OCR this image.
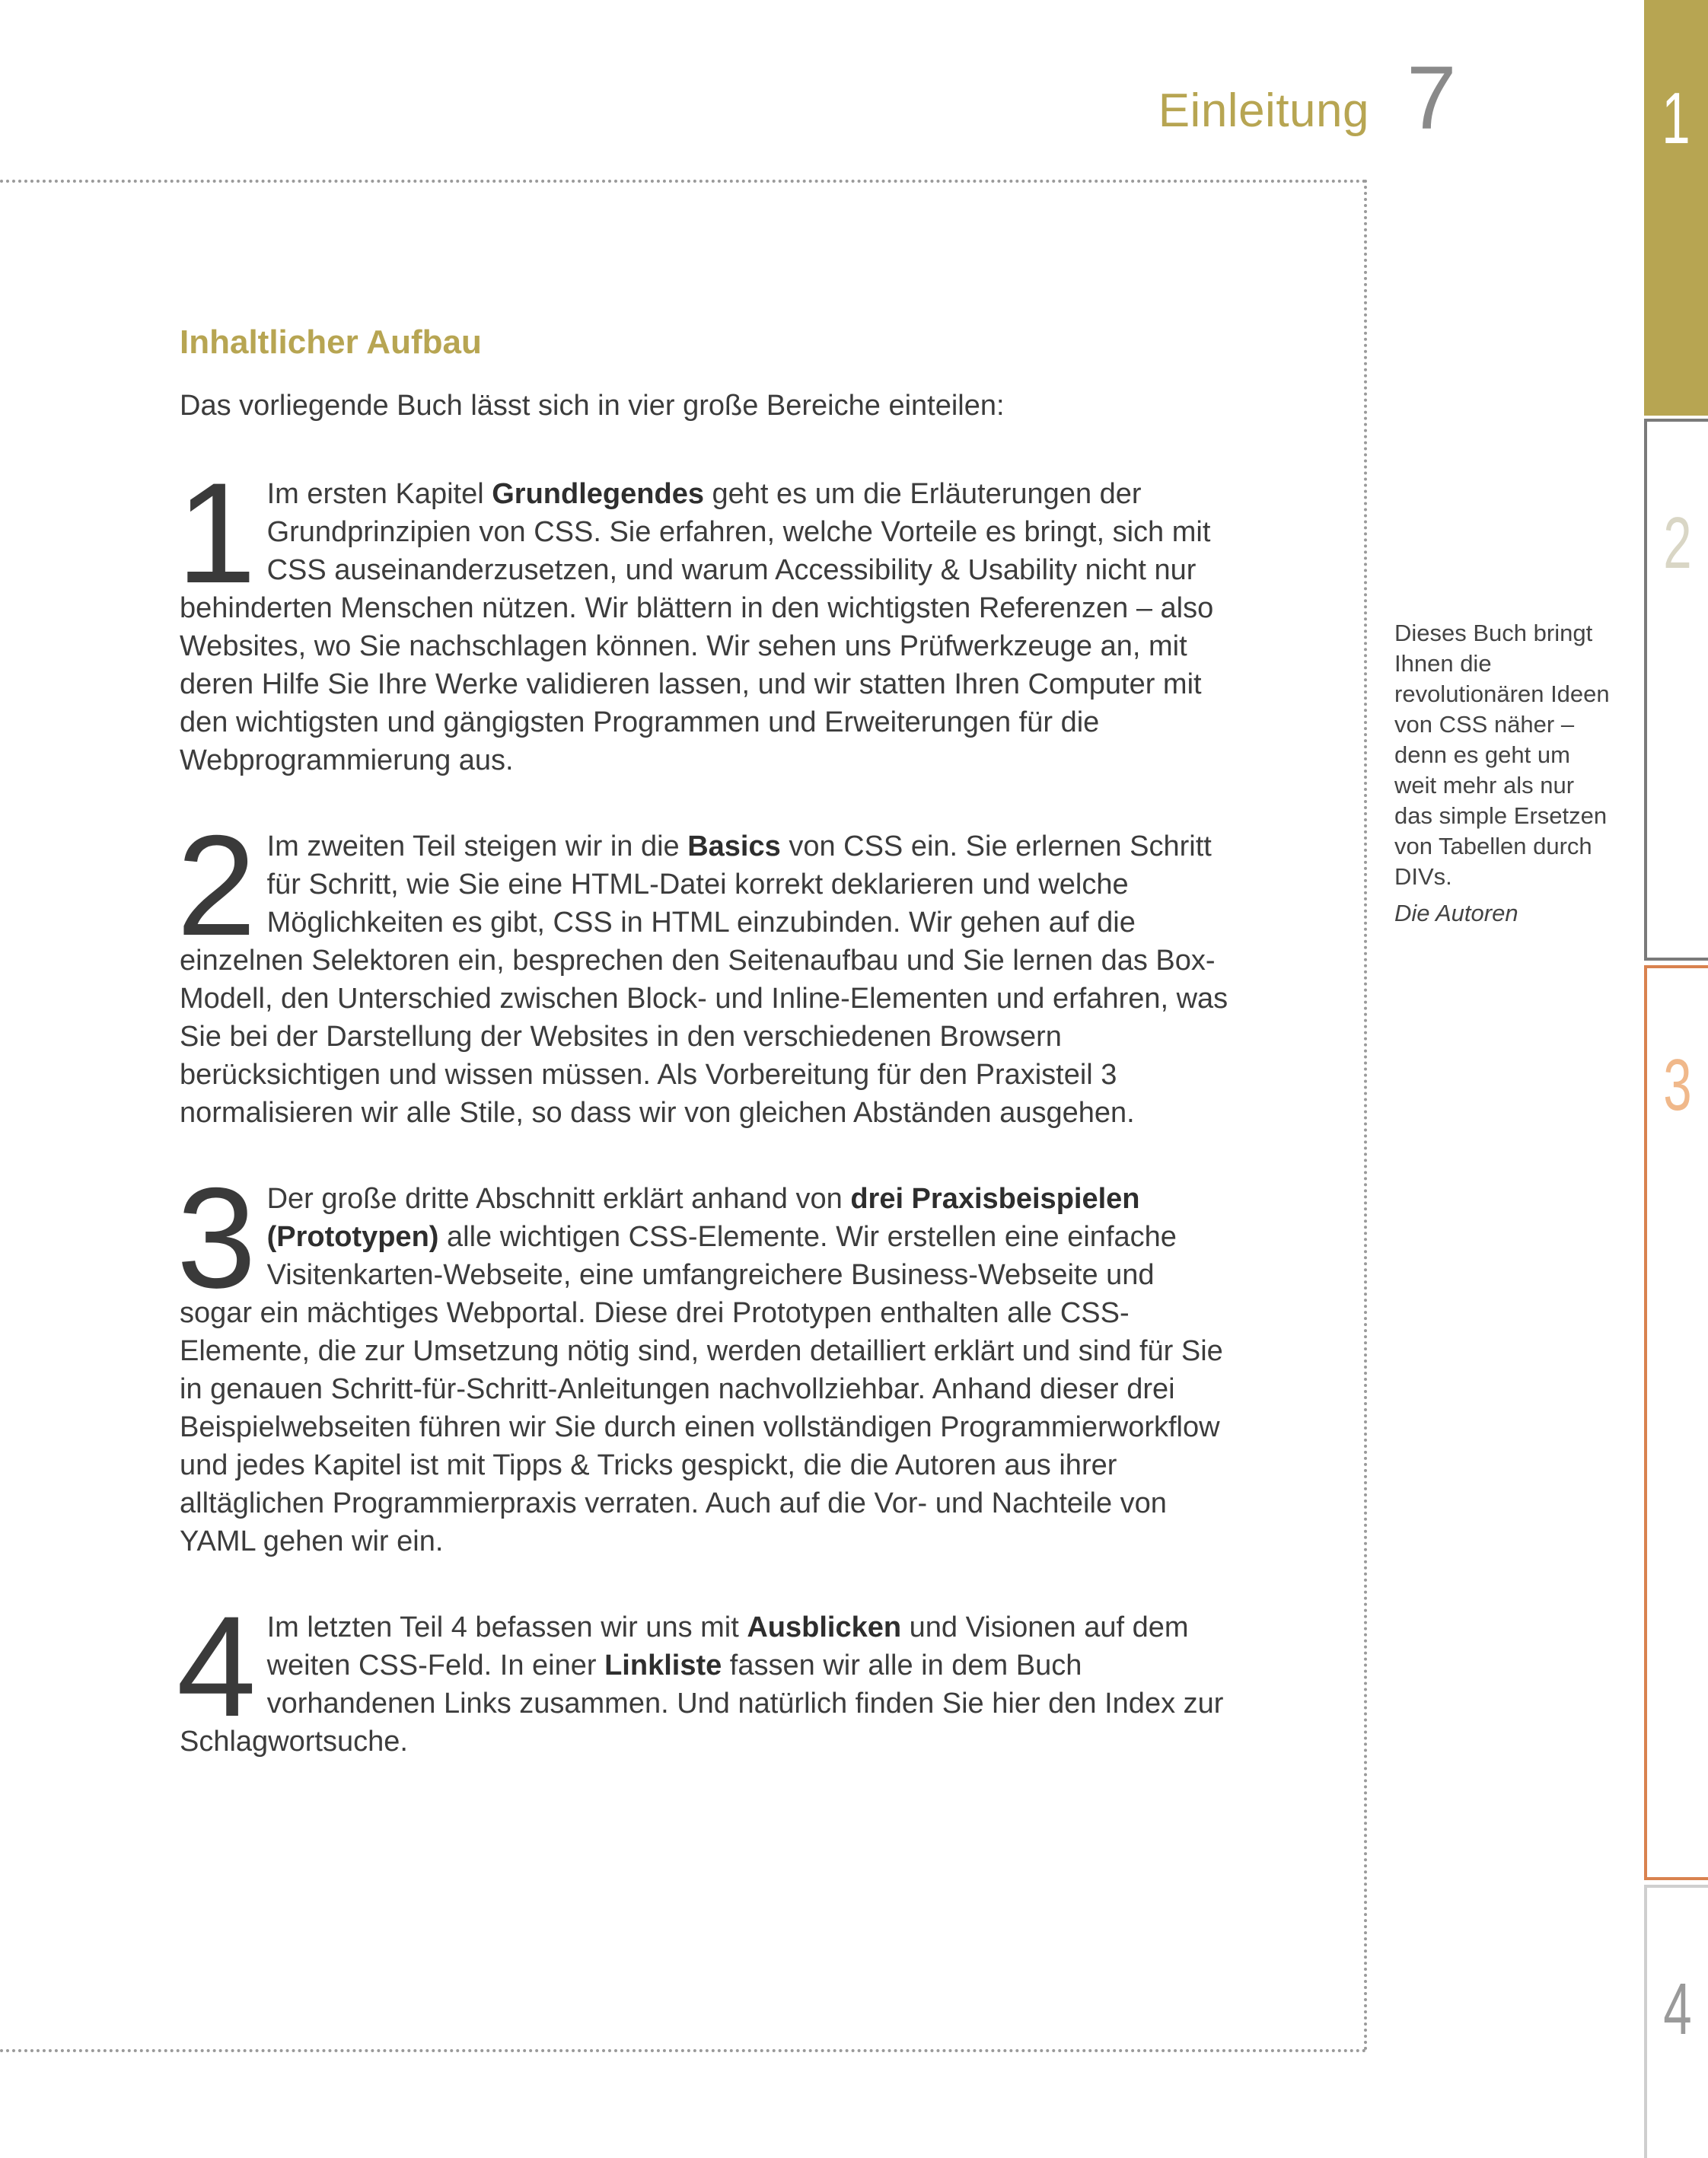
Einleitung 7
Inhaltlicher Aufbau

Das vorliegende Buch lässt sich in vier große Bereiche einteilen:

1 Im ersten Kapitel Grundlegendes geht es um die Erläuterungen der Grundprinzipien von CSS. Sie erfahren, welche Vorteile es bringt, sich mit CSS auseinanderzusetzen, und warum Accessibility & Usability nicht nur behinderten Menschen nützen. Wir blättern in den wichtigsten Referenzen – also Websites, wo Sie nachschlagen können. Wir sehen uns Prüfwerkzeuge an, mit deren Hilfe Sie Ihre Werke validieren lassen, und wir statten Ihren Computer mit den wichtigsten und gängigsten Programmen und Erweiterungen für die Webprogrammierung aus.

2 Im zweiten Teil steigen wir in die Basics von CSS ein. Sie erlernen Schritt für Schritt, wie Sie eine HTML-Datei korrekt deklarieren und welche Möglichkeiten es gibt, CSS in HTML einzubinden. Wir gehen auf die einzelnen Selektoren ein, besprechen den Seitenaufbau und Sie lernen das Box-Modell, den Unterschied zwischen Block- und Inline-Elementen und erfahren, was Sie bei der Darstellung der Websites in den verschiedenen Browsern berücksichtigen und wissen müssen. Als Vorbereitung für den Praxisteil 3 normalisieren wir alle Stile, so dass wir von gleichen Abständen ausgehen.

3 Der große dritte Abschnitt erklärt anhand von drei Praxisbeispielen (Prototypen) alle wichtigen CSS-Elemente. Wir erstellen eine einfache Visitenkarten-Webseite, eine umfangreichere Business-Webseite und sogar ein mächtiges Webportal. Diese drei Prototypen enthalten alle CSS-Elemente, die zur Umsetzung nötig sind, werden detailliert erklärt und sind für Sie in genauen Schritt-für-Schritt-Anleitungen nachvollziehbar. Anhand dieser drei Beispielwebseiten führen wir Sie durch einen vollständigen Programmierworkflow und jedes Kapitel ist mit Tipps & Tricks gespickt, die die Autoren aus ihrer alltäglichen Programmierpraxis verraten. Auch auf die Vor- und Nachteile von YAML gehen wir ein.

4 Im letzten Teil 4 befassen wir uns mit Ausblicken und Visionen auf dem weiten CSS-Feld. In einer Linkliste fassen wir alle in dem Buch vorhandenen Links zusammen. Und natürlich finden Sie hier den Index zur Schlagwortsuche.

Dieses Buch bringt Ihnen die revolutionären Ideen von CSS näher – denn es geht um weit mehr als nur das simple Ersetzen von Tabellen durch DIVs.
Die Autoren
1
2
3
4
